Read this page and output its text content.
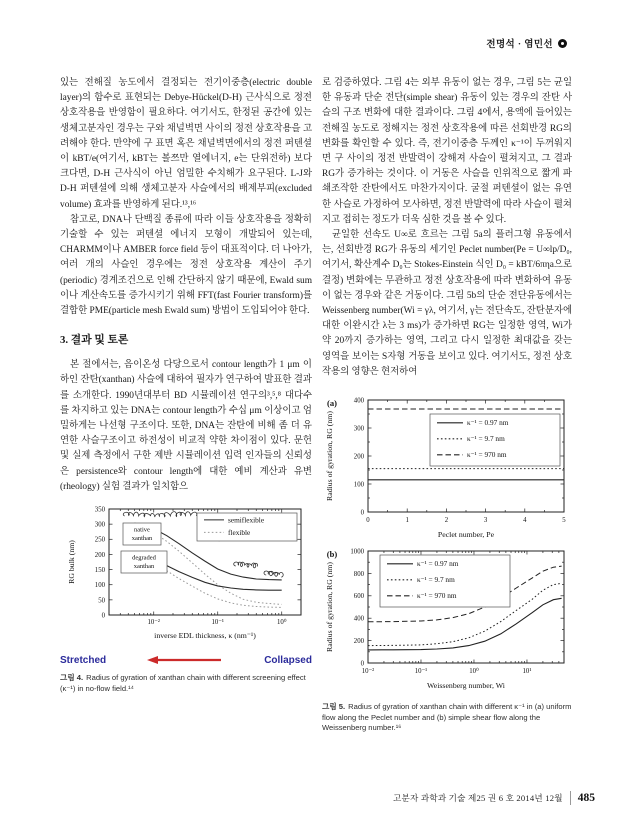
전명석 · 염민선

있는 전해질 농도에서 결정되는 전기이중층(electric double layer)의 함수로 표현되는 Debye-Hückel(D-H) 근사식으로 정전 상호작용을 반영함이 필요하다. 여기서도, 한정된 공간에 있는 생체고분자인 경우는 구와 채널벽면 사이의 정전 상호작용을 고려해야 한다. 만약에 구 표면 혹은 채널벽면에서의 정전 퍼텐셜이 kBT/e(여기서, kBT는 볼쯔만 열에너지, e는 단위전하) 보다 크다면, D-H 근사식이 아닌 엄밀한 수치해가 요구된다. L-J와 D-H 퍼텐셜에 의해 생체고분자 사슬에서의 배제부피(excluded volume) 효과를 반영하게 된다.¹³,¹⁶

참고로, DNA나 단백질 종류에 따라 이들 상호작용을 정확히 기술할 수 있는 퍼텐셜 에너지 모형이 개발되어 있는데, CHARMM이나 AMBER force field 등이 대표적이다. 더 나아가, 여러 개의 사슬인 경우에는 정전 상호작용 계산이 주기(periodic) 경계조건으로 인해 간단하지 않기 때문에, Ewald sum이나 계산속도를 증가시키기 위해 FFT(fast Fourier transform)를 결합한 PME(particle mesh Ewald sum) 방법이 도입되어야 한다.

3. 결과 및 토론

본 절에서는, 음이온성 다당으로서 contour length가 1 μm 이하인 잔탄(xanthan) 사슬에 대하여 필자가 연구하여 발표한 결과를 소개한다. 1990년대부터 BD 시뮬레이션 연구의³,⁵,⁸ 대다수를 차지하고 있는 DNA는 contour length가 수십 μm 이상이고 엄밀하게는 나선형 구조이다. 또한, DNA는 잔탄에 비해 좀 더 유연한 사슬구조이고 하전성이 비교적 약한 차이점이 있다. 문헌 및 실제 측정에서 구한 제반 시뮬레이션 입력 인자들의 신뢰성은 persistence와 contour length에 대한 예비 계산과 유변(rheology) 실험 결과가 일치함으

10⁻²	10⁻¹	10⁰
0
50
100
150
200
250
300
350
native
xanthan
degraded
xanthan
semiflexible
flexible
inverse EDL thickness, κ (nm⁻¹)
RG bulk (nm)
Stretched	Collapsed
그림 4. Radius of gyration of xanthan chain with different screening effect (κ⁻¹) in no-flow field.¹⁴

로 검증하였다. 그림 4는 외부 유동이 없는 경우, 그림 5는 균일한 유동과 단순 전단(simple shear) 유동이 있는 경우의 잔탄 사슬의 구조 변화에 대한 결과이다. 그림 4에서, 용액에 들어있는 전해질 농도로 정해지는 정전 상호작용에 따른 선회반경 RG의 변화를 확인할 수 있다. 즉, 전기이중층 두께인 κ⁻¹이 두꺼워지면 구 사이의 정전 반발력이 강해져 사슬이 펼쳐지고, 그 결과 RG가 증가하는 것이다. 이 거동은 사슬을 인위적으로 짧게 파쇄조작한 잔탄에서도 마찬가지이다. 굴절 퍼텐셜이 없는 유연한 사슬로 가정하여 모사하면, 정전 반발력에 따라 사슬이 펼쳐지고 접히는 정도가 더욱 심한 것을 볼 수 있다.

균일한 선속도 U∞로 흐르는 그림 5a의 플러그형 유동에서는, 선회반경 RG가 유동의 세기인 Peclet number(Pe = U∞lp/D₀, 여기서, 확산계수 D₀는 Stokes-Einstein 식인 D₀ = kBT/6πηa으로 결정) 변화에는 무관하고 정전 상호작용에 따라 변화하여 유동이 없는 경우와 같은 거동이다. 그림 5b의 단순 전단유동에서는 Weissenberg number(Wi = γλ, 여기서, γ는 전단속도, 잔탄분자에 대한 이완시간 λ는 3 ms)가 증가하면 RG는 일정한 영역, Wi가 약 20까지 증가하는 영역, 그리고 다시 일정한 최대값을 갖는 영역을 보이는 S자형 거동을 보이고 있다. 여기서도, 정전 상호작용의 영향은 현저하여

0	1	2	3	4	5
0
100
200
300
400
κ⁻¹ = 0.97 nm
κ⁻¹ = 9.7 nm
κ⁻¹ = 970 nm
Peclet number, Pe
Radius of gyration, RG (nm)
(a)
10⁻²	10⁻¹	10⁰	10¹
0
200
400
600
800
1000
κ⁻¹ = 0.97 nm
κ⁻¹ = 9.7 nm
κ⁻¹ = 970 nm
Weissenberg number, Wi
Radius of gyration, RG (nm)
(b)
그림 5. Radius of gyration of xanthan chain with different κ⁻¹ in (a) uniform flow along the Peclet number and (b) simple shear flow along the Weissenberg number.¹⁶
고분자 과학과 기술 제25 권 6 호 2014년 12월 485
